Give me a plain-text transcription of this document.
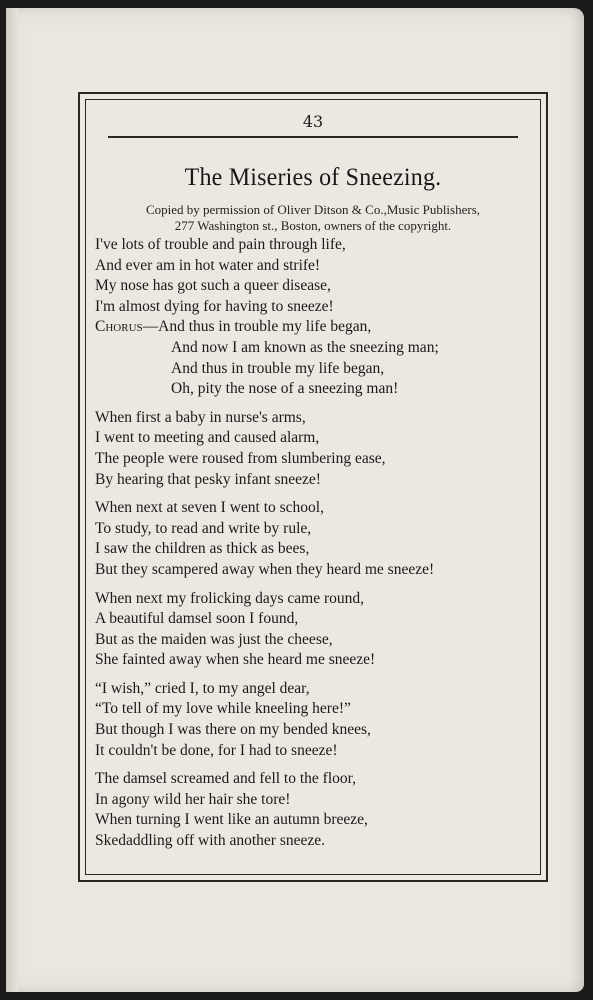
43
The Miseries of Sneezing.
Copied by permission of Oliver Ditson & Co.,Music Publishers,
277 Washington st., Boston, owners of the copyright.
I've lots of trouble and pain through life,
And ever am in hot water and strife!
My nose has got such a queer disease,
I'm almost dying for having to sneeze!
Chorus—And thus in trouble my life began,
And now I am known as the sneezing man;
And thus in trouble my life began,
Oh, pity the nose of a sneezing man!
When first a baby in nurse's arms,
I went to meeting and caused alarm,
The people were roused from slumbering ease,
By hearing that pesky infant sneeze!
When next at seven I went to school,
To study, to read and write by rule,
I saw the children as thick as bees,
But they scampered away when they heard me sneeze!
When next my frolicking days came round,
A beautiful damsel soon I found,
But as the maiden was just the cheese,
She fainted away when she heard me sneeze!
“I wish,” cried I, to my angel dear,
“To tell of my love while kneeling here!”
But though I was there on my bended knees,
It couldn't be done, for I had to sneeze!
The damsel screamed and fell to the floor,
In agony wild her hair she tore!
When turning I went like an autumn breeze,
Skedaddling off with another sneeze.
